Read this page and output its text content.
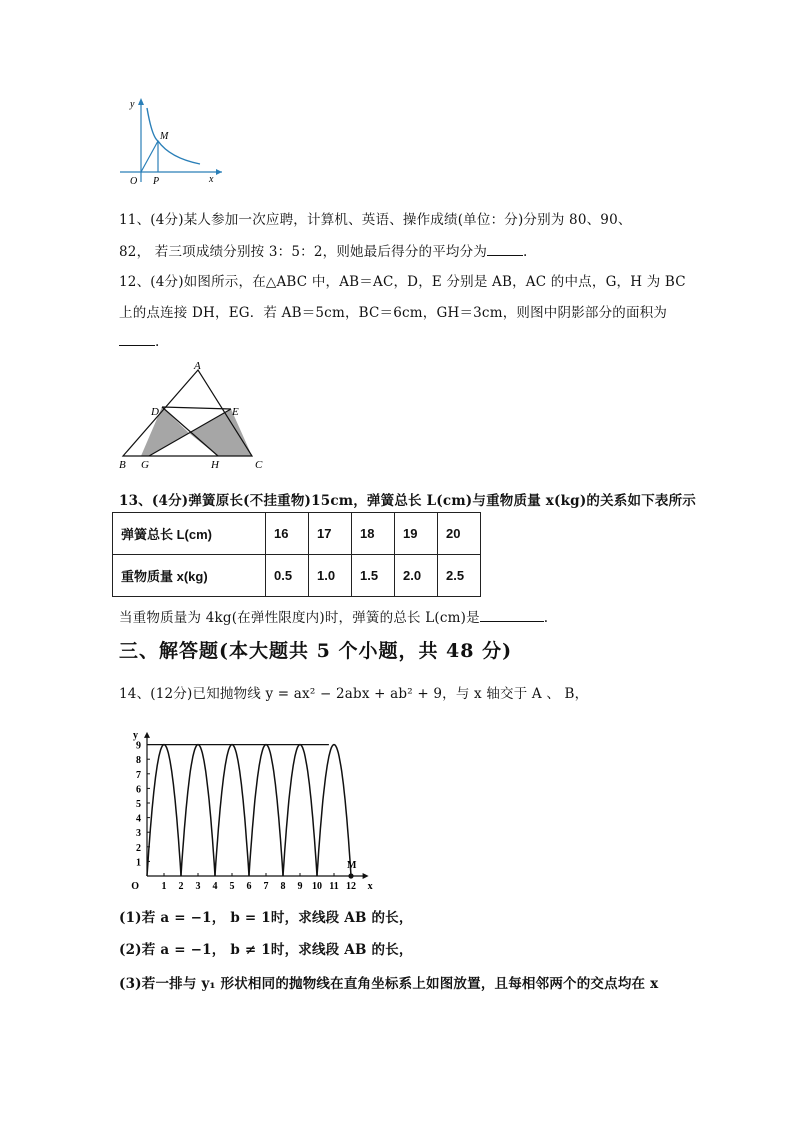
y
x
O P
M
11、(4分)某人参加一次应聘，计算机、英语、操作成绩(单位：分)分别为 80、90、
82， 若三项成绩分别按 3：5：2，则她最后得分的平均分为	.
12、(4分)如图所示，在△ABC 中，AB＝AC，D，E 分别是 AB，AC 的中点，G，H 为 BC
上的点连接 DH，EG．若 AB＝5cm，BC＝6cm，GH＝3cm，则图中阴影部分的面积为
.
A
B	C
D	E
G	H
13、(4分)弹簧原长(不挂重物)15cm，弹簧总长 L(cm)与重物质量 x(kg)的关系如下表所示
弹簧总长 L(cm)	16	17	18	19	20
重物质量 x(kg)	0.5	1.0	1.5	2.0	2.5
当重物质量为 4kg(在弹性限度内)时，弹簧的总长 L(cm)是	.
三、解答题(本大题共 5 个小题，共 48 分)
14、(12分)已知抛物线 y = ax² − 2abx + ab² + 9，与 x 轴交于 A 、 B，
1 2 3 4 5 6 7 8 9 10 11 12
1
2
3
4
5
6
7
8
9
O	x
y
M
(1)若 a = −1， b = 1时，求线段 AB 的长，
(2)若 a = −1， b ≠ 1时，求线段 AB 的长，
(3)若一排与 y₁ 形状相同的抛物线在直角坐标系上如图放置，且每相邻两个的交点均在 x
